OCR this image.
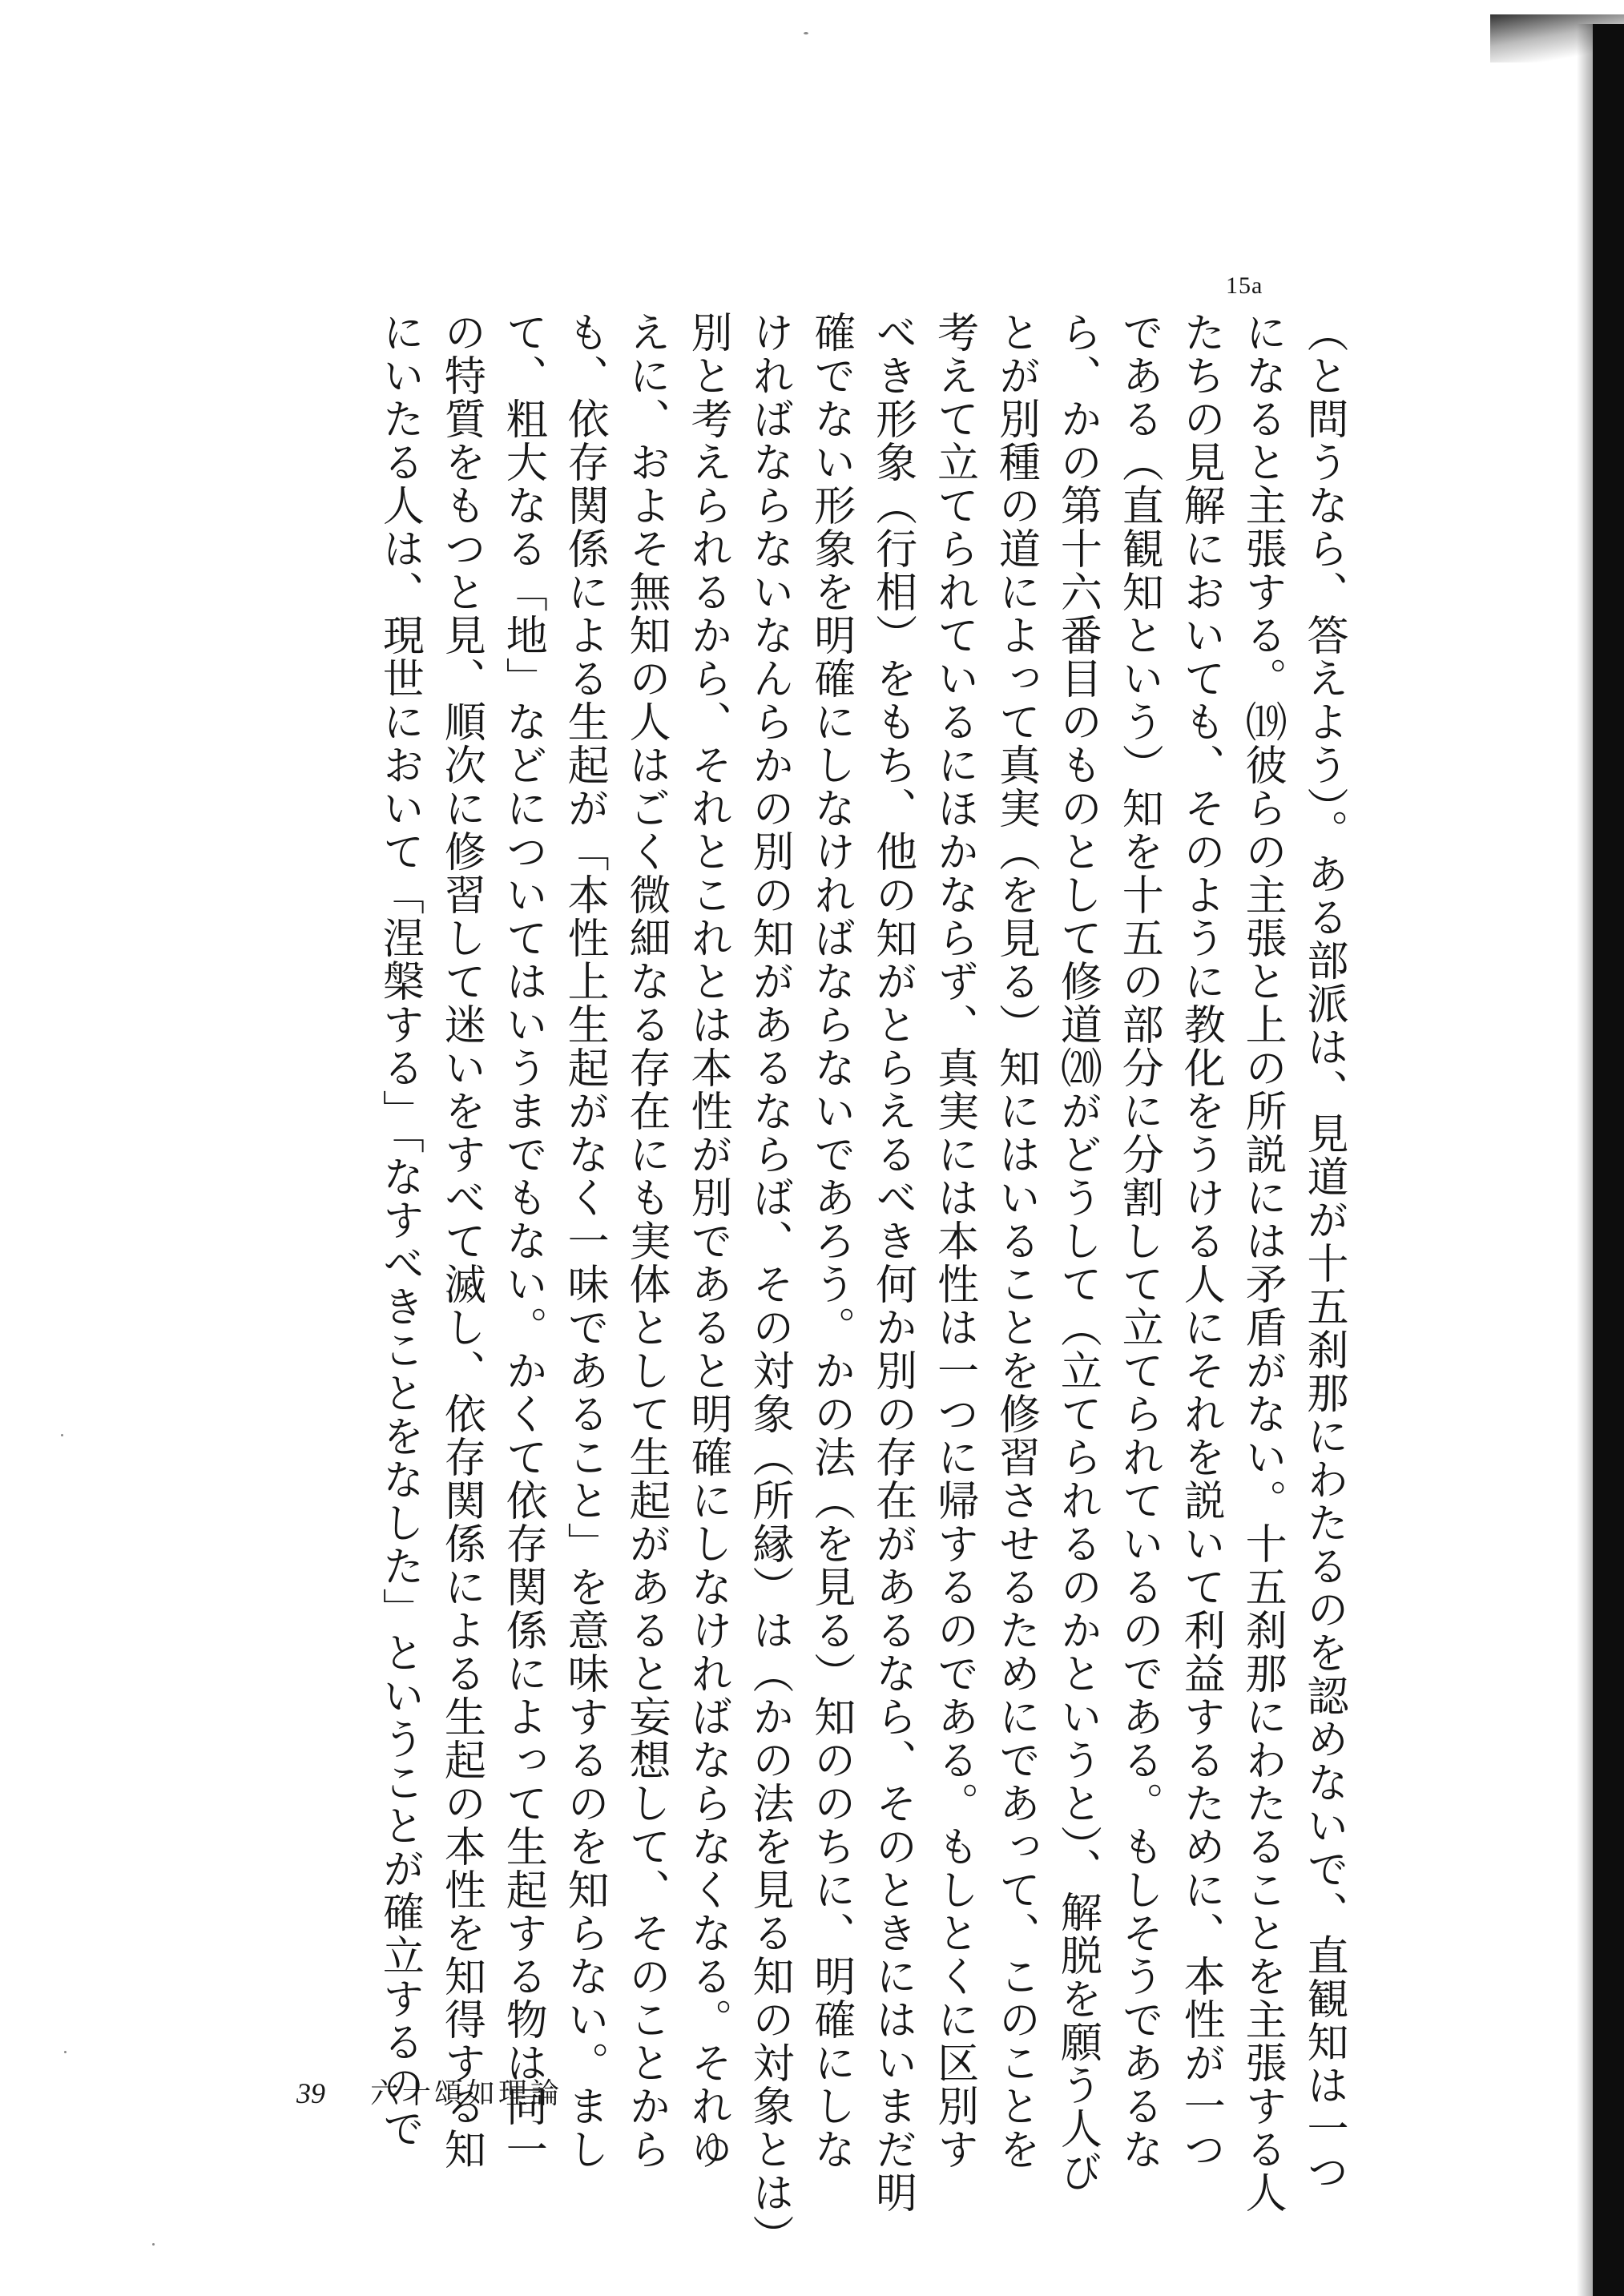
15a
（と問うなら、答えよう）。ある部派は、見道が十五刹那にわたるのを認めないで、直観知は一つ
になると主張する。⒆彼らの主張と上の所説には矛盾がない。十五刹那にわたることを主張する人
たちの見解においても、そのように教化をうける人にそれを説いて利益するために、本性が一つ
である（直観知という）知を十五の部分に分割して立てられているのである。もしそうであるな
ら、かの第十六番目のものとして修道⒇がどうして（立てられるのかというと）、解脱を願う人び
とが別種の道によって真実（を見る）知にはいることを修習させるためにであって、このことを
考えて立てられているにほかならず、真実には本性は一つに帰するのである。もしとくに区別す
べき形象（行相）をもち、他の知がとらえるべき何か別の存在があるなら、そのときにはいまだ明
確でない形象を明確にしなければならないであろう。かの法（を見る）知ののちに、明確にしな
ければならないなんらかの別の知があるならば、その対象（所縁）は（かの法を見る知の対象とは）
別と考えられるから、それとこれとは本性が別であると明確にしなければならなくなる。それゆ
えに、およそ無知の人はごく微細なる存在にも実体として生起があると妄想して、そのことから
も、依存関係による生起が「本性上生起がなく一味であること」を意味するのを知らない。まし
て、粗大なる「地」などについてはいうまでもない。かくて依存関係によって生起する物は同一
の特質をもつと見、順次に修習して迷いをすべて滅し、依存関係による生起の本性を知得する知
にいたる人は、現世において「涅槃する」「なすべきことをなした」ということが確立するので
39 六十頌如理論
